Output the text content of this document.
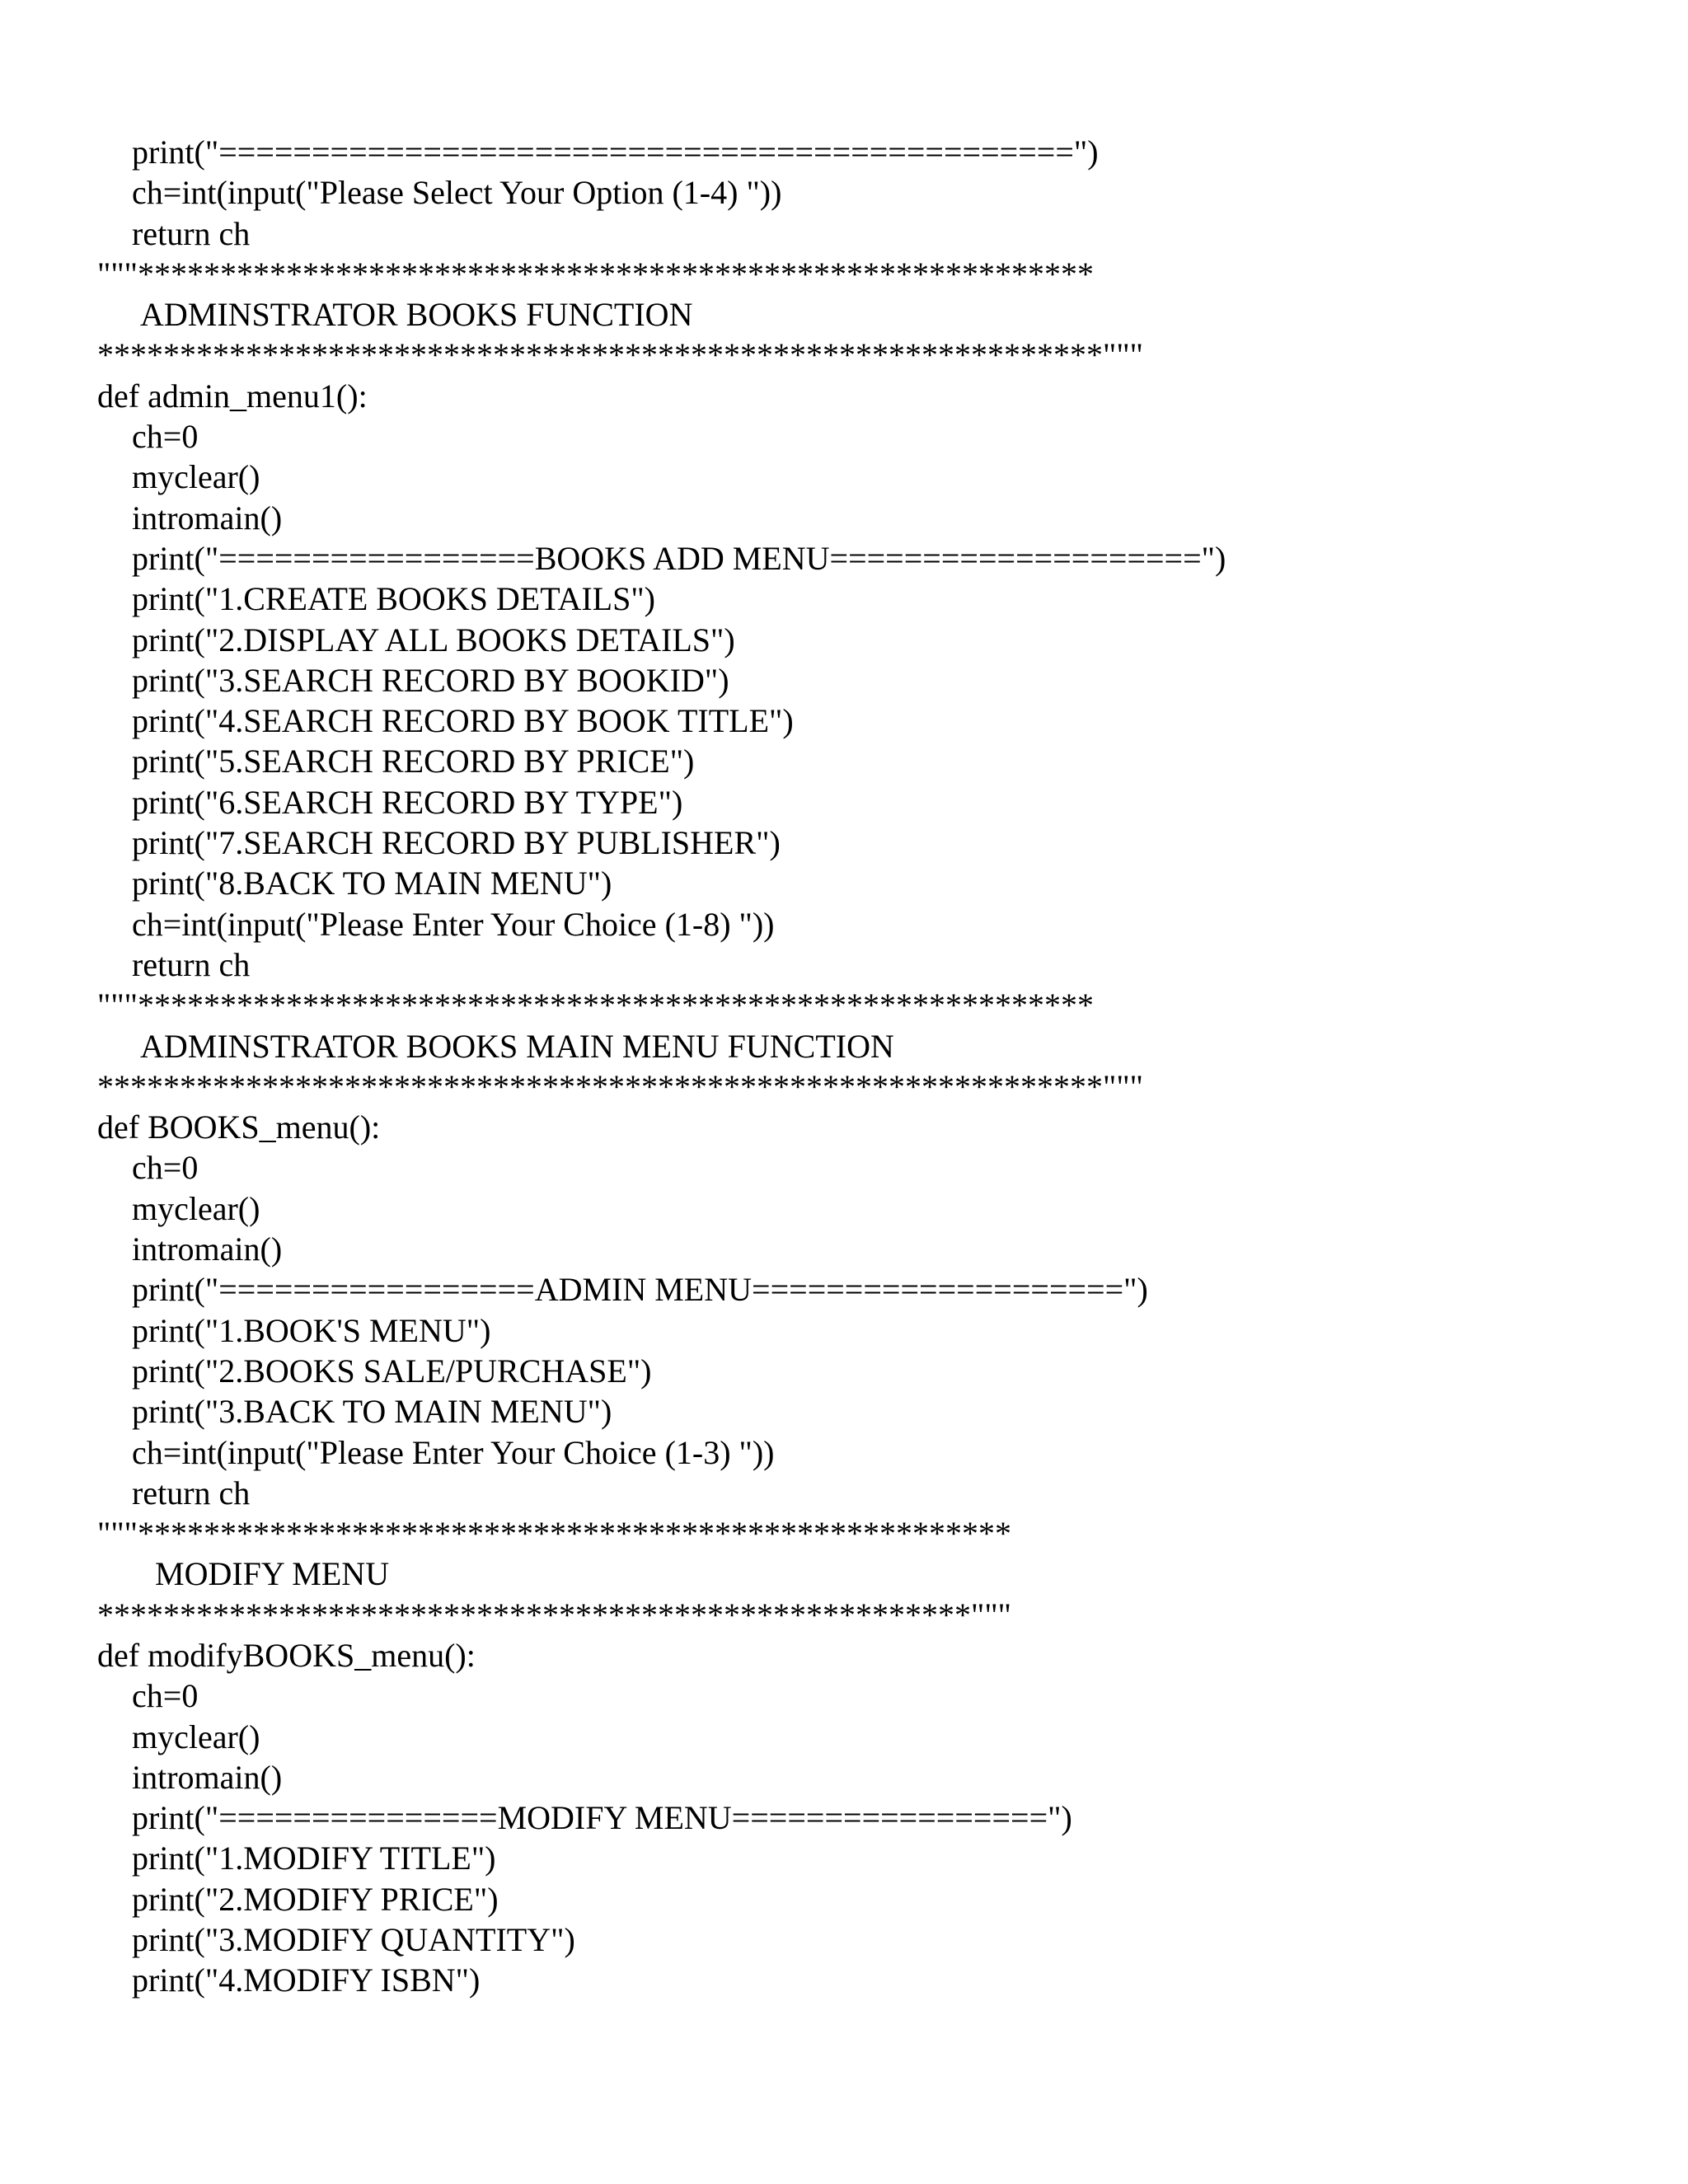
print("==============================================")
ch=int(input("Please Select Your Option (1-4) "))
return ch
"""**********************************************************
ADMINSTRATOR BOOKS FUNCTION
*************************************************************"""
def admin_menu1():
ch=0
myclear()
intromain()
print("=================BOOKS ADD MENU====================")
print("1.CREATE BOOKS DETAILS")
print("2.DISPLAY ALL BOOKS DETAILS")
print("3.SEARCH RECORD BY BOOKID")
print("4.SEARCH RECORD BY BOOK TITLE")
print("5.SEARCH RECORD BY PRICE")
print("6.SEARCH RECORD BY TYPE")
print("7.SEARCH RECORD BY PUBLISHER")
print("8.BACK TO MAIN MENU")
ch=int(input("Please Enter Your Choice (1-8) "))
return ch
"""**********************************************************
ADMINSTRATOR BOOKS MAIN MENU FUNCTION
*************************************************************"""
def BOOKS_menu():
ch=0
myclear()
intromain()
print("=================ADMIN MENU====================")
print("1.BOOK'S MENU")
print("2.BOOKS SALE/PURCHASE")
print("3.BACK TO MAIN MENU")
ch=int(input("Please Enter Your Choice (1-3) "))
return ch
"""*****************************************************
MODIFY MENU
*****************************************************"""
def modifyBOOKS_menu():
ch=0
myclear()
intromain()
print("===============MODIFY MENU=================")
print("1.MODIFY TITLE")
print("2.MODIFY PRICE")
print("3.MODIFY QUANTITY")
print("4.MODIFY ISBN")
